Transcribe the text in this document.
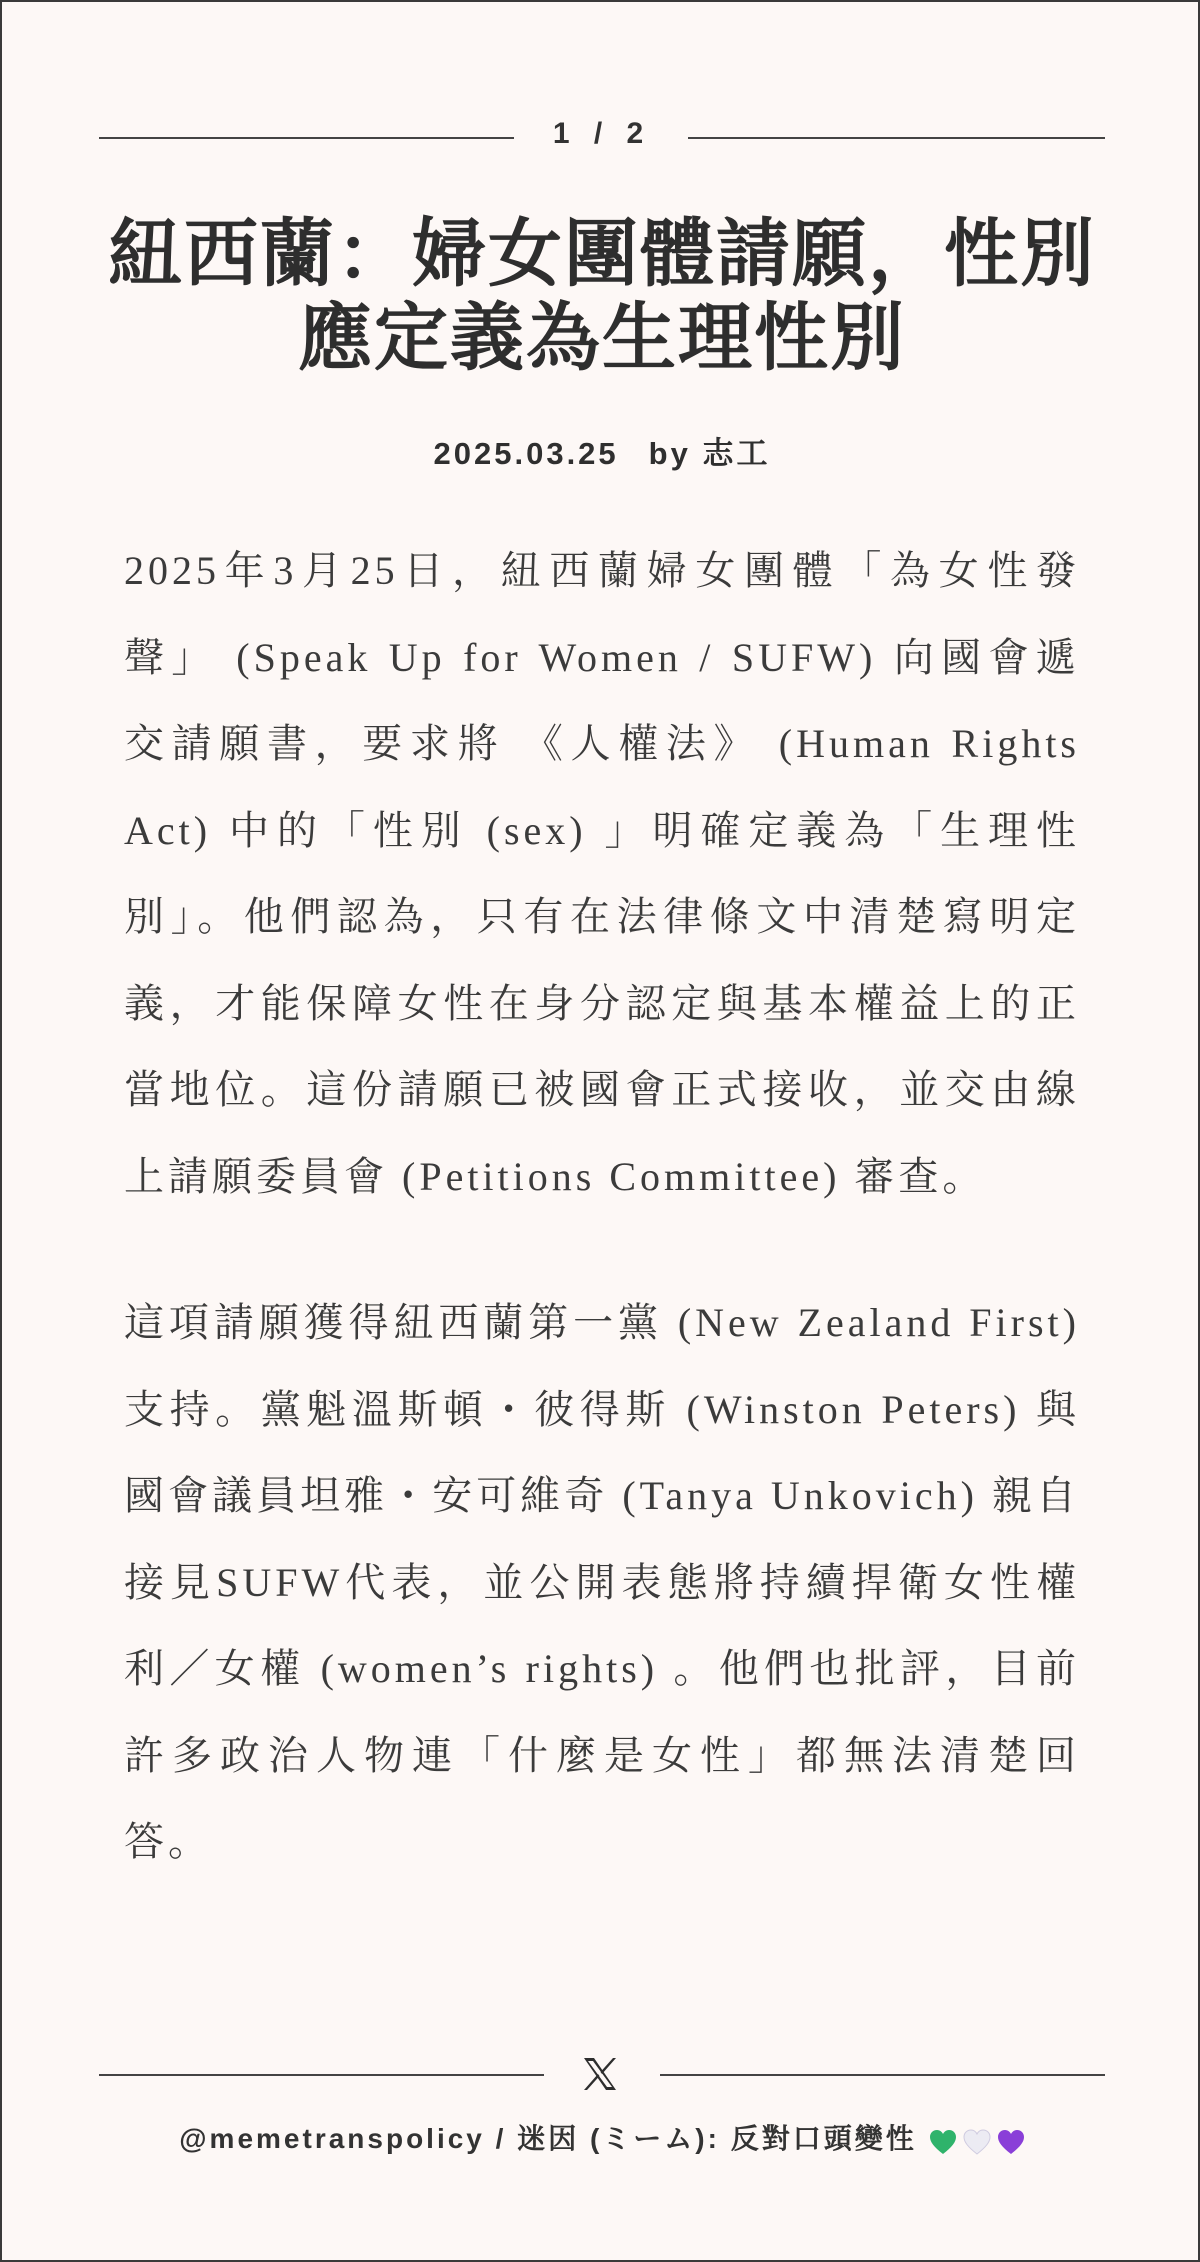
1 / 2
紐西蘭：婦女團體請願，性別應定義為生理性別
2025.03.25 by 志工

2025年3月25日，紐西蘭婦女團體「為女性發聲」 (Speak Up for Women / SUFW) 向國會遞交請願書，要求將 《人權法》 (Human Rights Act) 中的「性別 (sex) 」明確定義為「生理性別」。他們認為，只有在法律條文中清楚寫明定義，才能保障女性在身分認定與基本權益上的正當地位。這份請願已被國會正式接收，並交由線上請願委員會 (Petitions Committee) 審查。

這項請願獲得紐西蘭第一黨 (New Zealand First) 支持。黨魁溫斯頓・彼得斯 (Winston Peters) 與國會議員坦雅・安可維奇 (Tanya Unkovich) 親自接見SUFW代表，並公開表態將持續捍衛女性權利／女權 (women’s rights) 。他們也批評，目前許多政治人物連「什麼是女性」都無法清楚回答。

@memetranspolicy / 迷因 (ミーム): 反對口頭變性
